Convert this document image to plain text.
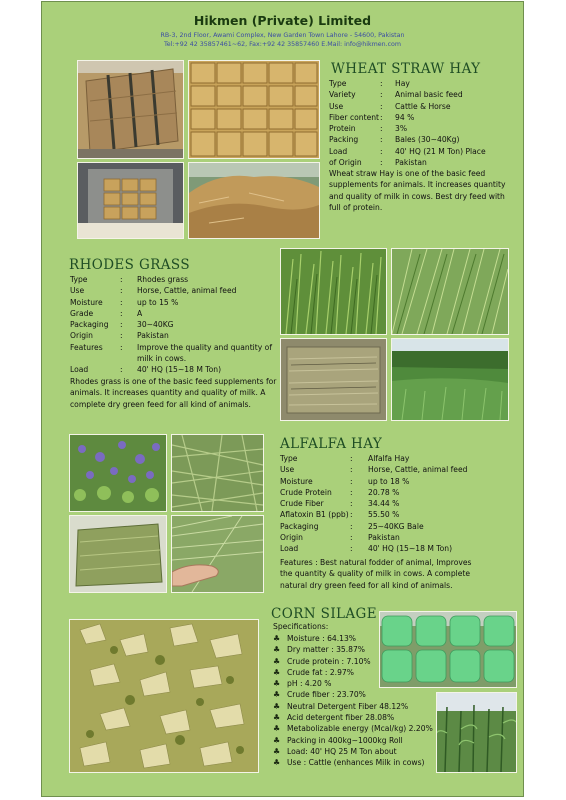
Hikmen (Private) Limited
RB-3, 2nd Floor, Awami Complex, New Garden Town Lahore - 54600, Pakistan
Tel:+92 42 35857461~62, Fax:+92 42 35857460 E.Mail: info@hikmen.com
WHEAT STRAW HAY
Type	:	Hay
Variety	:	Animal basic feed
Use	:	Cattle & Horse
Fiber content :	94 %
Protein	:	3%
Packing	:	Bales (30~40Kg)
Load	:	40' HQ (21 M Ton) Place
of Origin	:	Pakistan
Wheat straw Hay is one of the basic feed supplements for animals. It increases quantity and quality of milk in cows. Best dry feed with full of protein.
RHODES GRASS
Type	:	Rhodes grass
Use	:	Horse, Cattle, animal feed
Moisture	:	up to 15 %
Grade	:	A
Packaging	:	30~40KG
Origin	:	Pakistan
Features	:	Improve the quality and quantity of milk in cows.
Load	:	40' HQ (15~18 M Ton)
Rhodes grass is one of the basic feed supplements for animals. It increases quantity and quality of milk. A complete dry green feed for all kind of animals.
ALFALFA HAY
Type	:	Alfalfa Hay
Use	:	Horse, Cattle, animal feed
Moisture	:	up to 18 %
Crude Protein	:	20.78 %
Crude Fiber	:	34.44 %
Aflatoxin B1 (ppb) :	55.50 %
Packaging	:	25~40KG Bale
Origin	:	Pakistan
Load	:	40' HQ (15~18 M Ton)
Features : Best natural fodder of animal, Improves the quantity & quality of milk in cows. A complete natural dry green feed for all kind of animals.
CORN SILAGE
Specifications:
♣ Moisture : 64.13%
♣ Dry matter : 35.87%
♣ Crude protein : 7.10%
♣ Crude fat : 2.97%
♣ pH : 4.20 %
♣ Crude fiber : 23.70%
♣ Neutral Detergent Fiber 48.12%
♣ Acid detergent fiber 28.08%
♣ Metabolizable energy (Mcal/kg) 2.20%
♣ Packing in 400kg~1000kg Roll
♣ Load: 40' HQ 25 M Ton about
♣ Use : Cattle (enhances Milk in cows)
